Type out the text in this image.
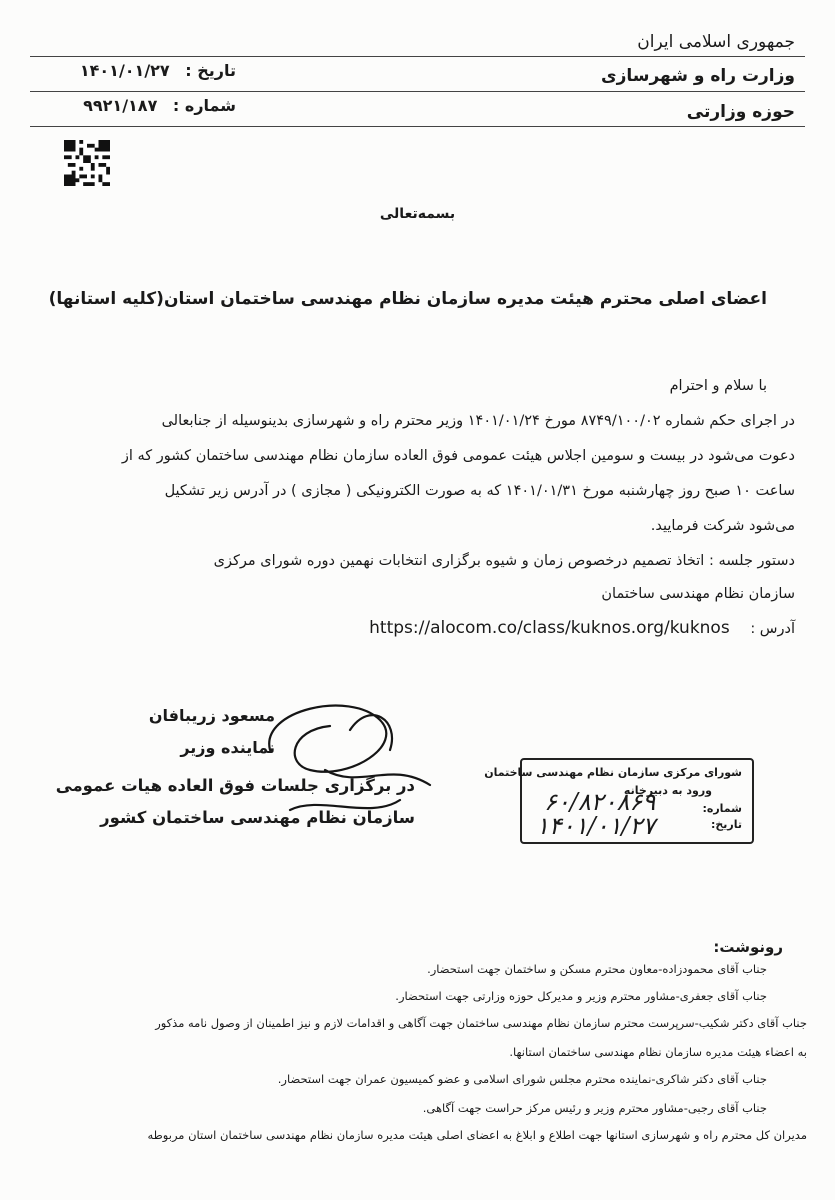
جمهوری اسلامی ایران
وزارت راه و شهرسازی
حوزه وزارتی
تاریخ : ۱۴۰۱/۰۱/۲۷
شماره : ۹۹۲۱/۱۸۷
بسمه‌تعالی
اعضای اصلی محترم هیئت مدیره سازمان نظام مهندسی ساختمان استان(کلیه استانها)
با سلام و احترام
در اجرای حکم شماره ۸۷۴۹/۱۰۰/۰۲ مورخ ۱۴۰۱/۰۱/۲۴ وزیر محترم راه و شهرسازی بدینوسیله از جنابعالی
دعوت می‌شود در بیست و سومین اجلاس هیئت عمومی فوق العاده سازمان نظام مهندسی ساختمان کشور که از
ساعت ۱۰ صبح روز چهارشنبه مورخ ۱۴۰۱/۰۱/۳۱ که به صورت الکترونیکی ( مجازی ) در آدرس زیر تشکیل
می‌شود شرکت فرمایید.
دستور جلسه : اتخاذ تصمیم درخصوص زمان و شیوه برگزاری انتخابات نهمین دوره شورای مرکزی
سازمان نظام مهندسی ساختمان
آدرس : https://alocom.co/class/kuknos.org/kuknos
مسعود زریبافان
نماینده وزیر
در برگزاری جلسات فوق العاده هیات عمومی
سازمان نظام مهندسی ساختمان کشور
شورای مرکزی سازمان نظام مهندسی ساختمان
ورود به دبیرخانه
شماره:
تاریخ:
۶۰/۸۲۰۸۶۹
۱۴۰۱/۰۱/۲۷
رونوشت:
جناب آقای محمودزاده-معاون محترم مسکن و ساختمان جهت استحضار.
جناب آقای جعفری-مشاور محترم وزیر و مدیرکل حوزه وزارتی جهت استحضار.
جناب آقای دکتر شکیب-سرپرست محترم سازمان نظام مهندسی ساختمان جهت آگاهی و اقدامات لازم و نیز اطمینان از وصول نامه مذکور
به اعضاء هیئت مدیره سازمان نظام مهندسی ساختمان استانها.
جناب آقای دکتر شاکری-نماینده محترم مجلس شورای اسلامی و عضو کمیسیون عمران جهت استحضار.
جناب آقای رجبی-مشاور محترم وزیر و رئیس مرکز حراست جهت آگاهی.
مدیران کل محترم راه و شهرسازی استانها جهت اطلاع و ابلاغ به اعضای اصلی هیئت مدیره سازمان نظام مهندسی ساختمان استان مربوطه
